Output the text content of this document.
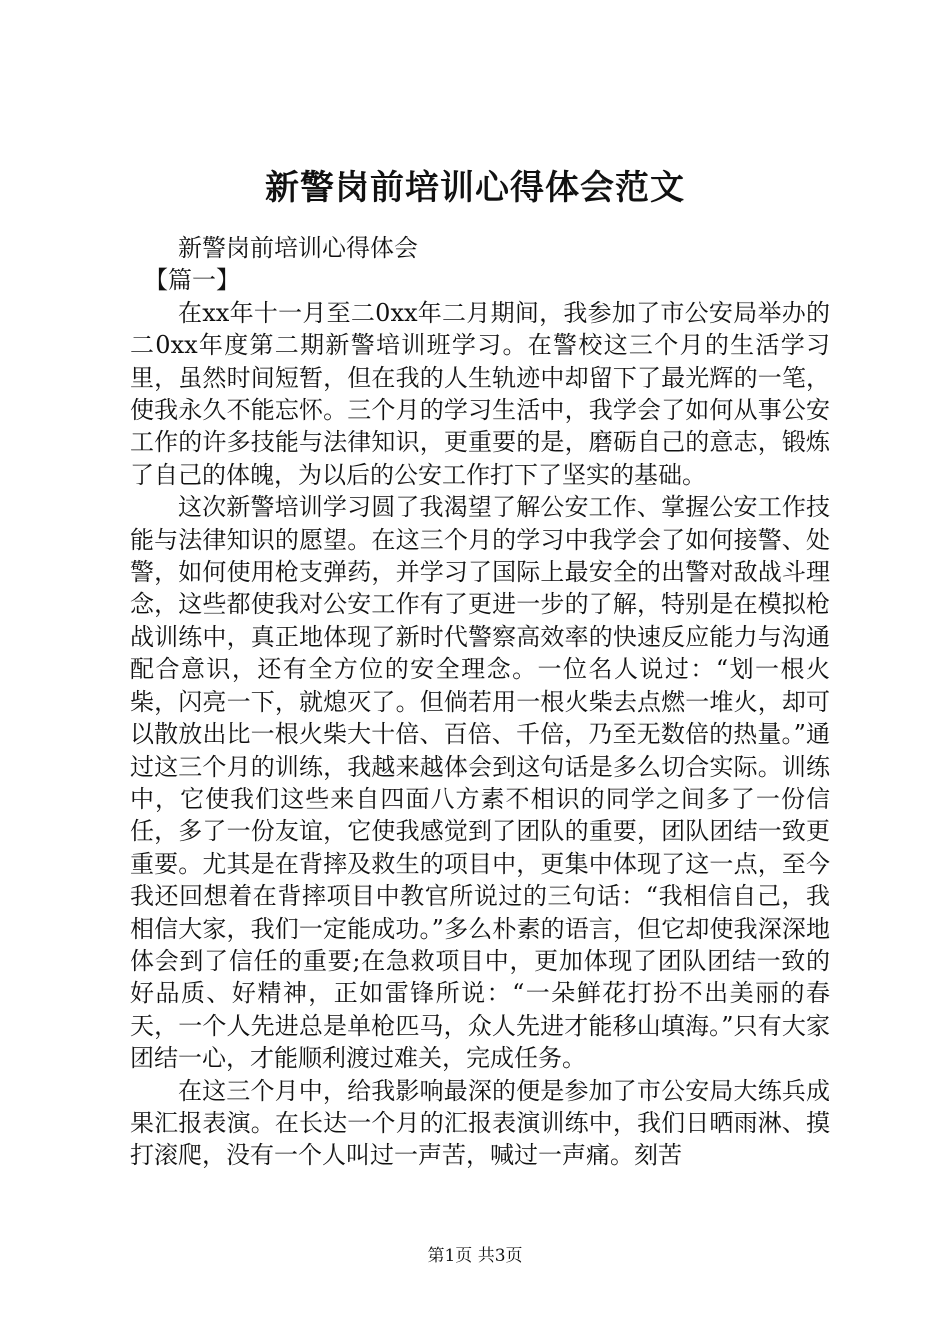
新警岗前培训心得体会范文

新警岗前培训心得体会

【篇一】

在xx年十一月至二0xx年二月期间，我参加了市公安局举办的二0xx年度第二期新警培训班学习。在警校这三个月的生活学习里，虽然时间短暂，但在我的人生轨迹中却留下了最光辉的一笔，使我永久不能忘怀。三个月的学习生活中，我学会了如何从事公安工作的许多技能与法律知识，更重要的是，磨砺自己的意志，锻炼了自己的体魄，为以后的公安工作打下了坚实的基础。

这次新警培训学习圆了我渴望了解公安工作、掌握公安工作技能与法律知识的愿望。在这三个月的学习中我学会了如何接警、处警，如何使用枪支弹药，并学习了国际上最安全的出警对敌战斗理念，这些都使我对公安工作有了更进一步的了解，特别是在模拟枪战训练中，真正地体现了新时代警察高效率的快速反应能力与沟通配合意识，还有全方位的安全理念。一位名人说过：“划一根火柴，闪亮一下，就熄灭了。但倘若用一根火柴去点燃一堆火，却可以散放出比一根火柴大十倍、百倍、千倍，乃至无数倍的热量。”通过这三个月的训练，我越来越体会到这句话是多么切合实际。训练中，它使我们这些来自四面八方素不相识的同学之间多了一份信任，多了一份友谊，它使我感觉到了团队的重要，团队团结一致更重要。尤其是在背摔及救生的项目中，更集中体现了这一点，至今我还回想着在背摔项目中教官所说过的三句话：“我相信自己，我相信大家，我们一定能成功。”多么朴素的语言，但它却使我深深地体会到了信任的重要;在急救项目中，更加体现了团队团结一致的好品质、好精神，正如雷锋所说：“一朵鲜花打扮不出美丽的春天，一个人先进总是单枪匹马，众人先进才能移山填海。”只有大家团结一心，才能顺利渡过难关，完成任务。

在这三个月中，给我影响最深的便是参加了市公安局大练兵成果汇报表演。在长达一个月的汇报表演训练中，我们日晒雨淋、摸打滚爬，没有一个人叫过一声苦，喊过一声痛。刻苦

第1页 共3页
